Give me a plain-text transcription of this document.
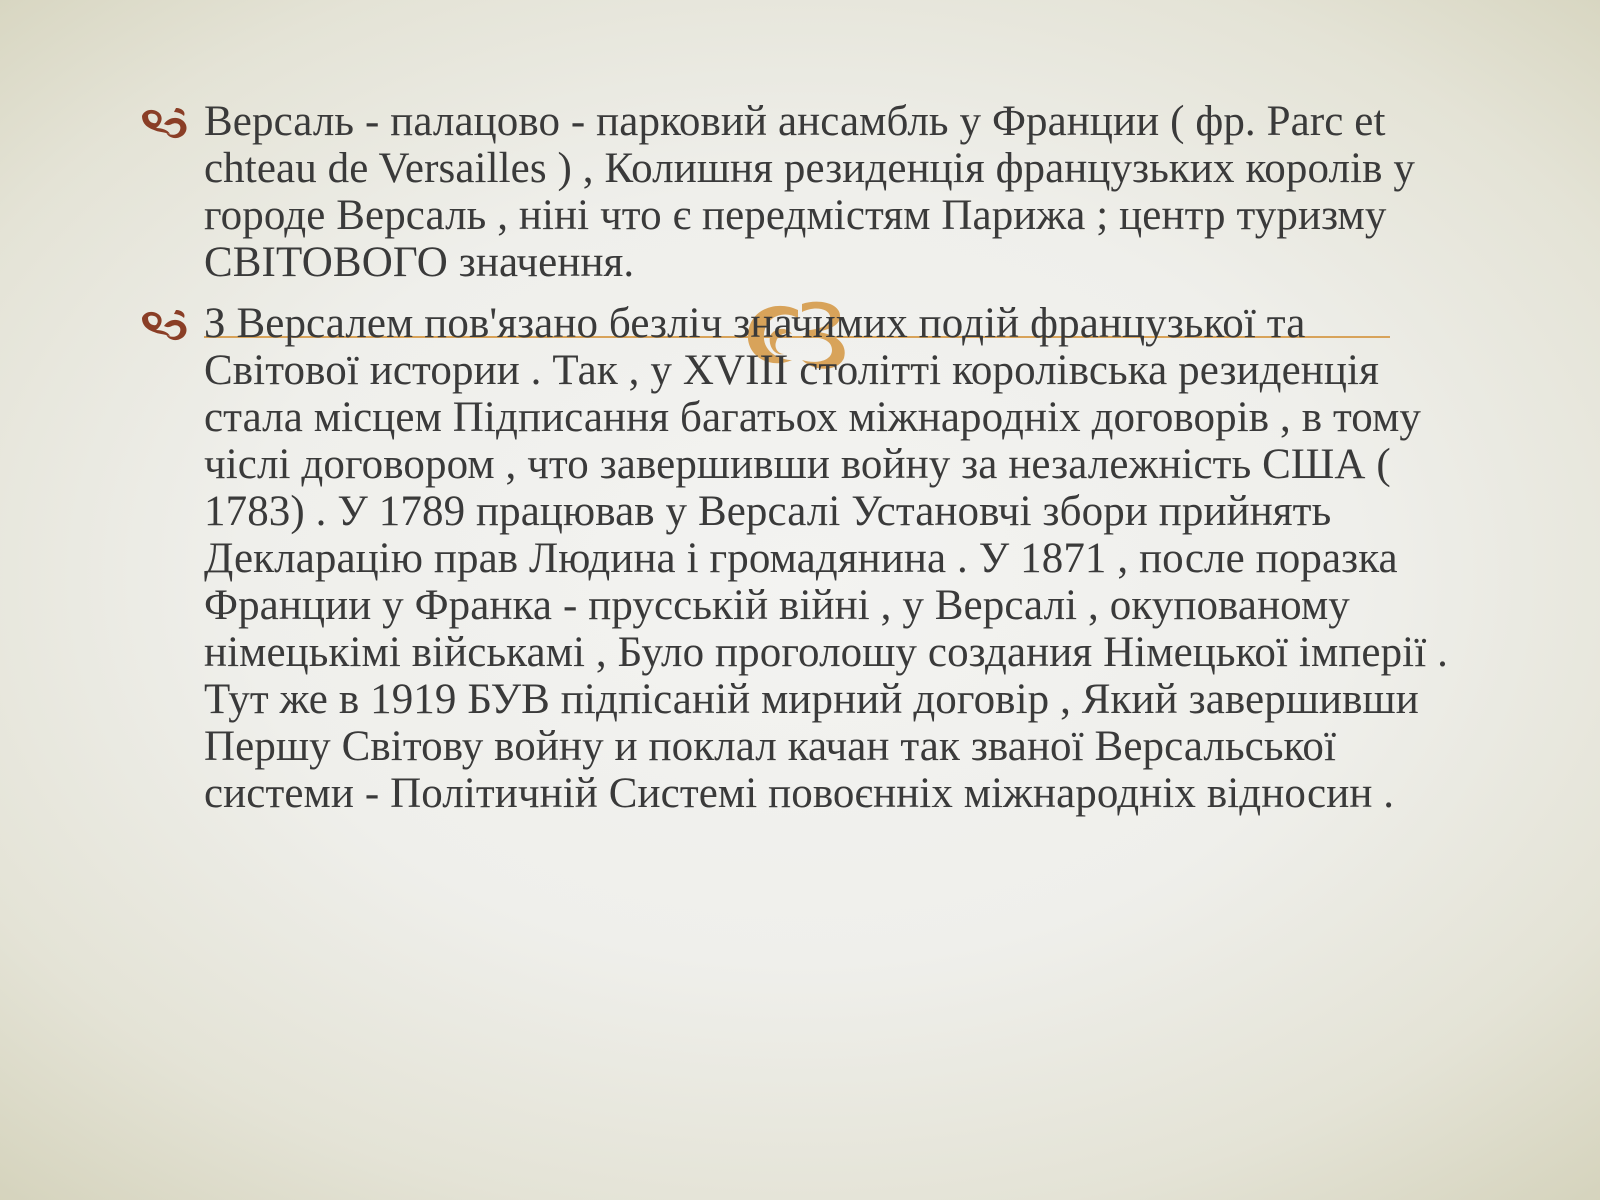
Версаль - палацово - парковий ансамбль у Франции ( фр. Parc et chteau de Versailles ) , Колишня резиденція французьких королів у городе Версаль , ніні что є передмістям Парижа ; центр туризму СВІТОВОГО значення.
З Версалем пов'язано безліч значимих подій французької та Світової истории . Так , у XVIII столітті королівська резиденція стала місцем Підписання багатьох міжнародніх договорів , в тому чіслі договором , что завершивши войну за незалежність США ( 1783) . У 1789 працював у Версалі Установчі збори прийнять Декларацію прав Людина і громадянина . У 1871 , после поразка Франции у Франка - прусській війні , у Версалі , окупованому німецькімі військамі , Було проголошу создания Німецької імперії . Тут же в 1919 БУВ підпісаній мирний договір , Який завершивши Першу Світову войну и поклал качан так званої Версальської системи - Політичній Системі повоєнніх міжнародніх відносин .
